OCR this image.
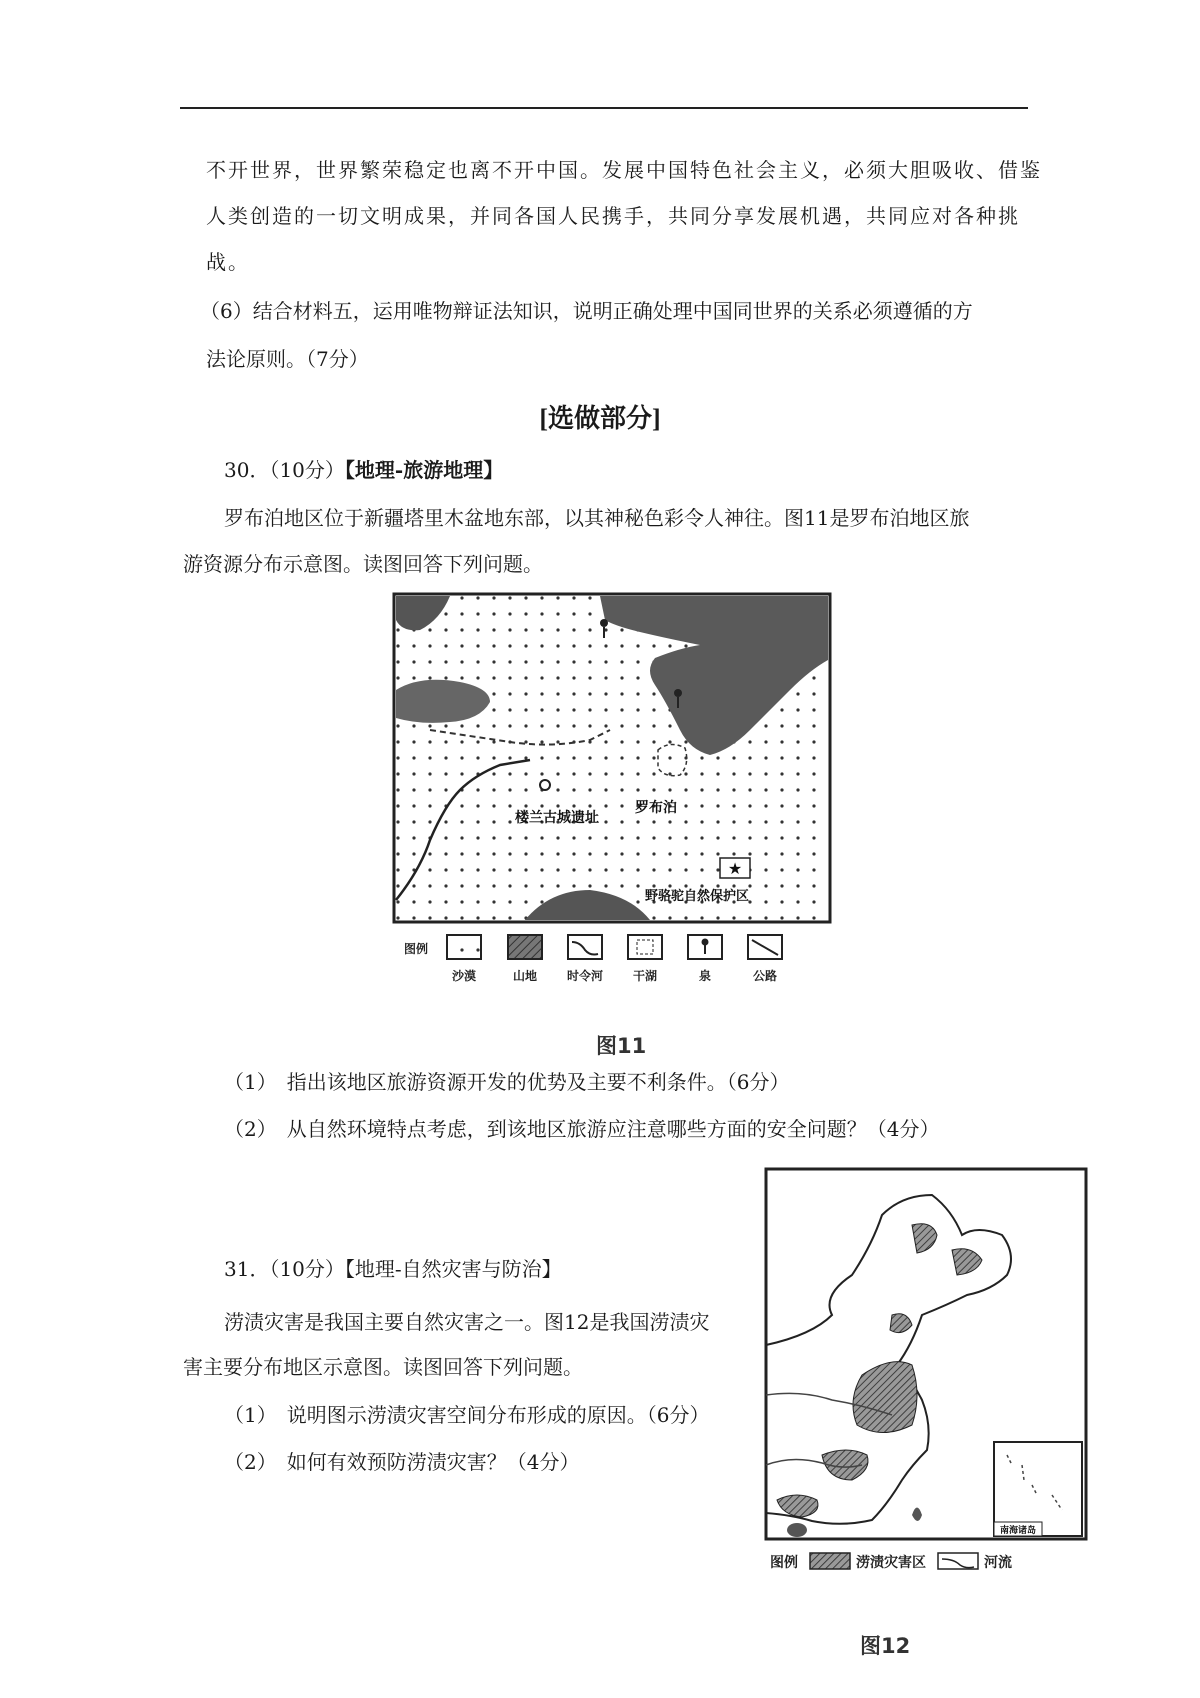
不开世界，世界繁荣稳定也离不开中国。发展中国特色社会主义，必须大胆吸收、借鉴
人类创造的一切文明成果，并同各国人民携手，共同分享发展机遇，共同应对各种挑
战。
（6）结合材料五，运用唯物辩证法知识，说明正确处理中国同世界的关系必须遵循的方
法论原则。（7分）
[选做部分]
30．（10分）【地理-旅游地理】
罗布泊地区位于新疆塔里木盆地东部，以其神秘色彩令人神往。图11是罗布泊地区旅
游资源分布示意图。读图回答下列问题。
楼兰古城遗址
罗布泊
★
野骆驼自然保护区
图例
沙漠	山地 时令河 干湖	泉	公路
图11
（1）　指出该地区旅游资源开发的优势及主要不利条件。（6分）
（2）　从自然环境特点考虑，到该地区旅游应注意哪些方面的安全问题？（4分）
31．（10分）【地理-自然灾害与防治】
涝渍灾害是我国主要自然灾害之一。图12是我国涝渍灾
害主要分布地区示意图。读图回答下列问题。
（1）　说明图示涝渍灾害空间分布形成的原因。（6分）
（2）　如何有效预防涝渍灾害？（4分）
南海诸岛
图例	涝渍灾害区	河流
图12
